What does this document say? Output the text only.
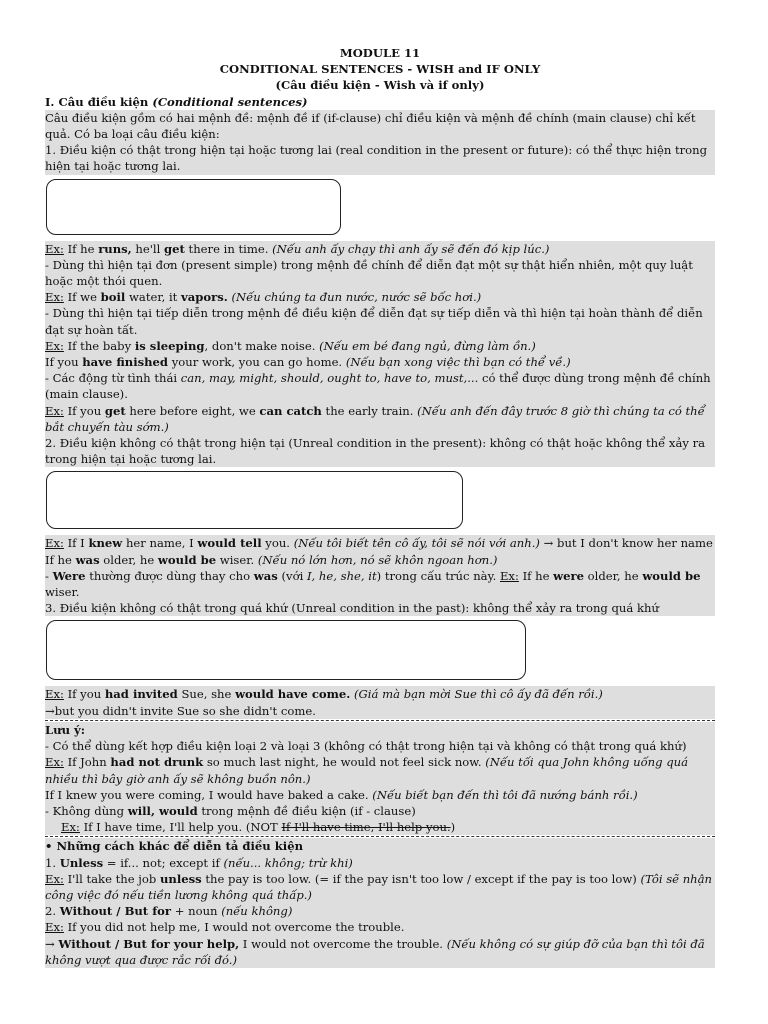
MODULE 11

CONDITIONAL SENTENCES - WISH and IF ONLY

(Câu điều kiện - Wish và if only)

I. Câu điều kiện (Conditional sentences)

Câu điều kiện gồm có hai mệnh đề: mệnh đề if (if-clause) chỉ điều kiện và mệnh đề chính (main clause) chỉ kết quả. Có ba loại câu điều kiện:

1. Điều kiện có thật trong hiện tại hoặc tương lai (real condition in the present or future): có thể thực hiện trong hiện tại hoặc tương lai.

Ex: If he runs, he'll get there in time. (Nếu anh ấy chạy thì anh ấy sẽ đến đó kịp lúc.)

- Dùng thì hiện tại đơn (present simple) trong mệnh đề chính để diễn đạt một sự thật hiển nhiên, một quy luật hoặc một thói quen.

Ex: If we boil water, it vapors. (Nếu chúng ta đun nước, nước sẽ bốc hơi.)

- Dùng thì hiện tại tiếp diễn trong mệnh đề điều kiện để diễn đạt sự tiếp diễn và thì hiện tại hoàn thành để diễn đạt sự hoàn tất.

Ex: If the baby is sleeping, don't make noise. (Nếu em bé đang ngủ, đừng làm ồn.)

If you have finished your work, you can go home. (Nếu bạn xong việc thì bạn có thể về.)

- Các động từ tình thái can, may, might, should, ought to, have to, must,... có thể được dùng trong mệnh đề chính (main clause).

Ex: If you get here before eight, we can catch the early train. (Nếu anh đến đây trước 8 giờ thì chúng ta có thể bắt chuyến tàu sớm.)

2. Điều kiện không có thật trong hiện tại (Unreal condition in the present): không có thật hoặc không thể xảy ra trong hiện tại hoặc tương lai.

Ex: If I knew her name, I would tell you. (Nếu tôi biết tên cô ấy, tôi sẽ nói với anh.) → but I don't know her name

If he was older, he would be wiser. (Nếu nó lớn hơn, nó sẽ khôn ngoan hơn.)

- Were thường được dùng thay cho was (với I, he, she, it) trong cấu trúc này. Ex: If he were older, he would be wiser.

3. Điều kiện không có thật trong quá khứ (Unreal condition in the past): không thể xảy ra trong quá khứ

Ex: If you had invited Sue, she would have come. (Giá mà bạn mời Sue thì cô ấy đã đến rồi.)

→but you didn't invite Sue so she didn't come.

Lưu ý:

- Có thể dùng kết hợp điều kiện loại 2 và loại 3 (không có thật trong hiện tại và không có thật trong quá khứ)

Ex: If John had not drunk so much last night, he would not feel sick now. (Nếu tối qua John không uống quá nhiều thì bây giờ anh ấy sẽ không buồn nôn.)

If I knew you were coming, I would have baked a cake. (Nếu biết bạn đến thì tôi đã nướng bánh rồi.)

- Không dùng will, would trong mệnh đề điều kiện (if - clause)

Ex: If I have time, I'll help you. (NOT If I'll have time, I'll help you.)

• Những cách khác để diễn tả điều kiện

1. Unless = if... not; except if (nếu... không; trừ khi)

Ex: I'll take the job unless the pay is too low. (= if the pay isn't too low / except if the pay is too low) (Tôi sẽ nhận công việc đó nếu tiền lương không quá thấp.)

2. Without / But for + noun (nếu không)

Ex: If you did not help me, I would not overcome the trouble.

→ Without / But for your help, I would not overcome the trouble. (Nếu không có sự giúp đỡ của bạn thì tôi đã không vượt qua được rắc rối đó.)
